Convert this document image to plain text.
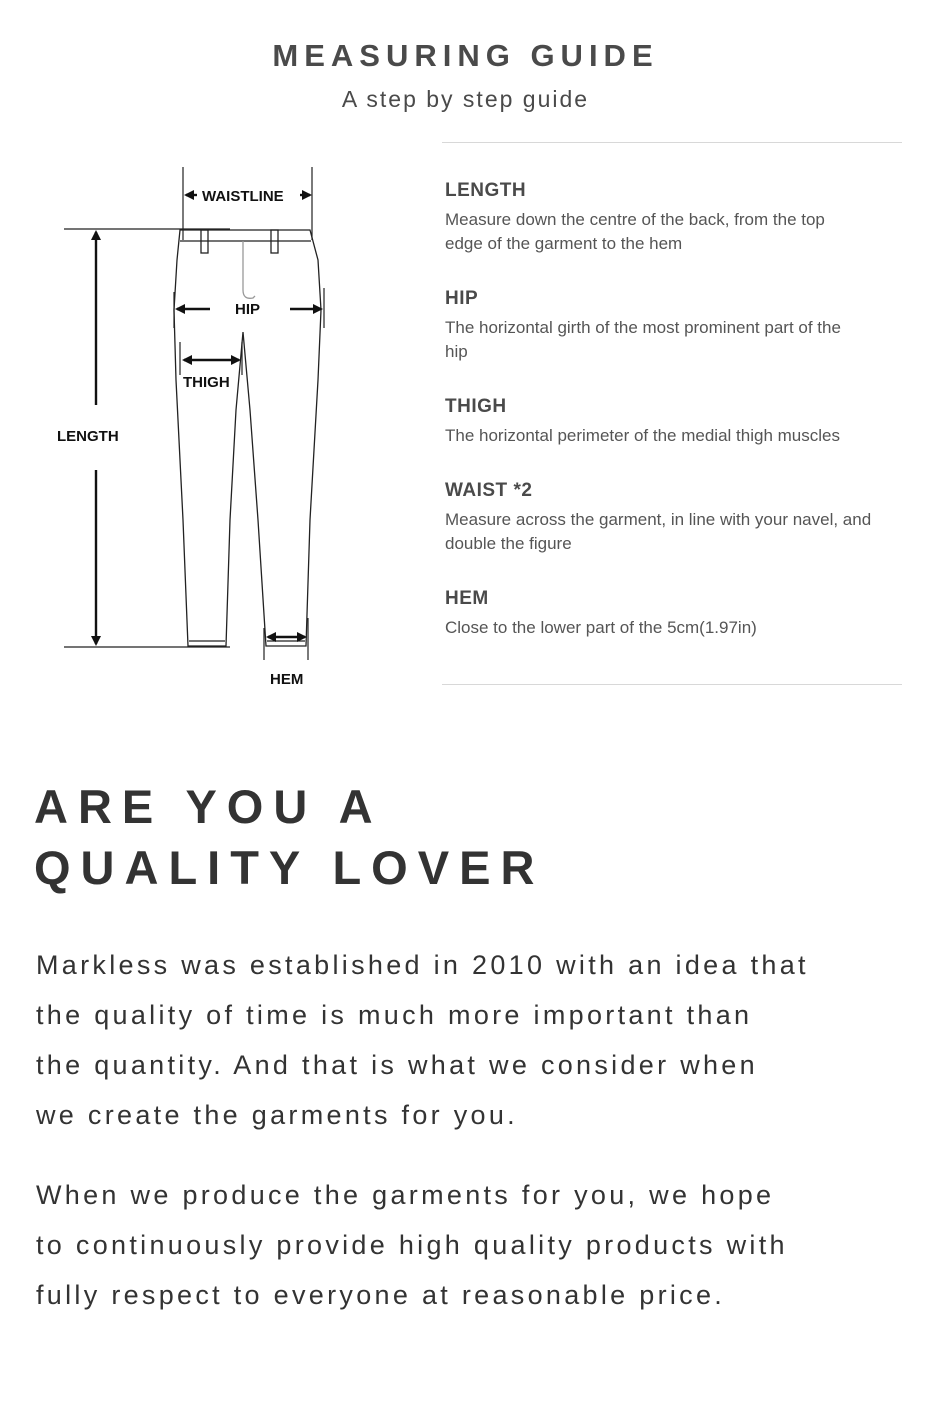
MEASURING GUIDE
A step by step guide
WAISTLINE
HIP
THIGH
LENGTH
HEM
LENGTH
Measure down the centre of the back, from the top
edge of the garment to the hem
HIP
The horizontal girth of the most prominent part of the
hip
THIGH
The horizontal perimeter of the medial thigh muscles
WAIST *2
Measure across the garment, in line with your navel, and
double the figure
HEM
Close to the lower part of the 5cm(1.97in)
ARE YOU A
QUALITY LOVER
Markless was established in 2010 with an idea that
the quality of time is much more important than
the quantity. And that is what we consider when
we create the garments for you.
When we produce the garments for you, we hope
to continuously provide high quality products with
fully respect to everyone at reasonable price.
